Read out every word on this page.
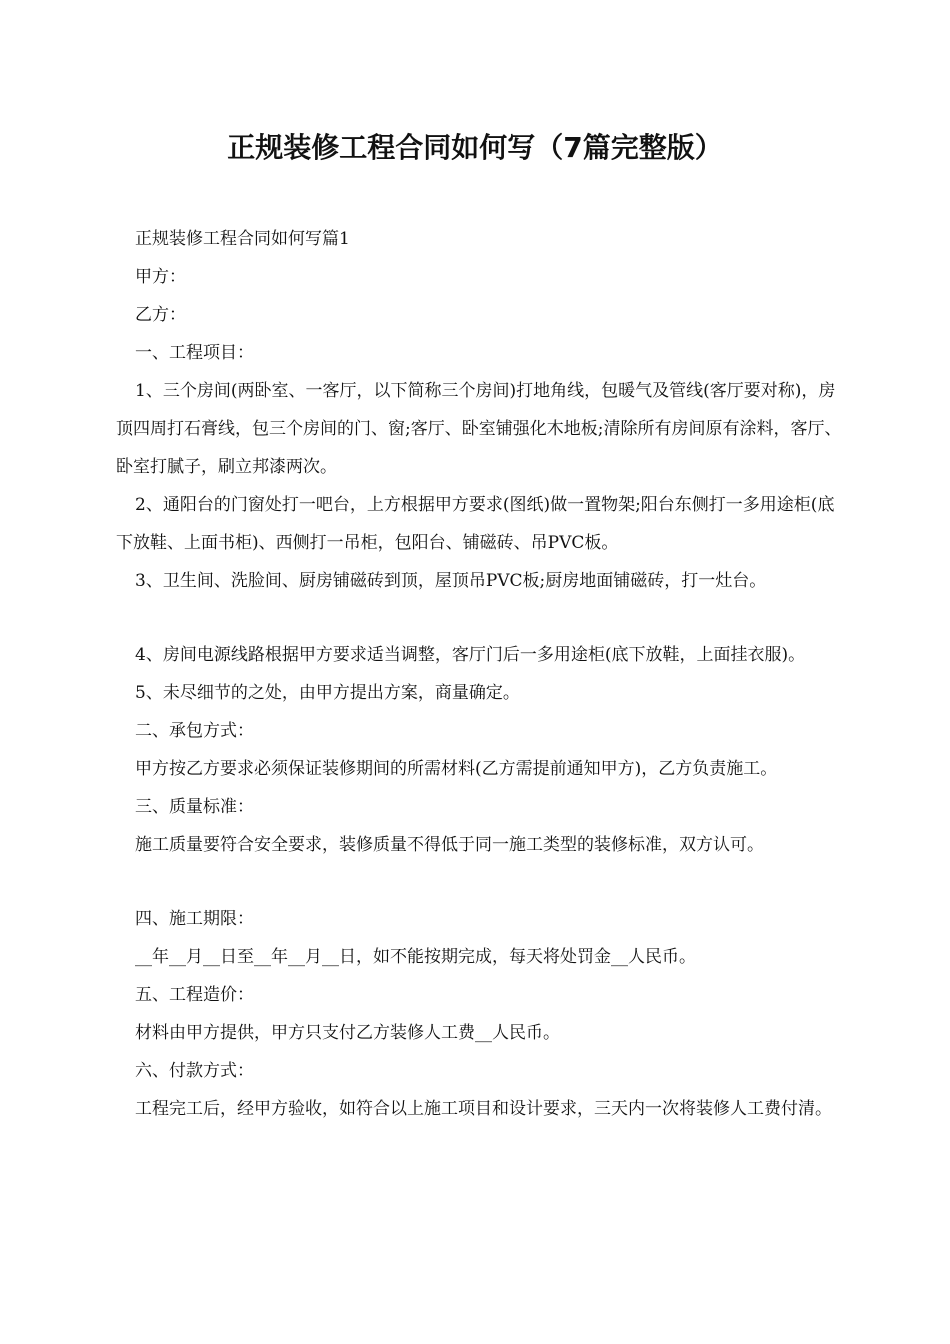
正规装修工程合同如何写（7篇完整版）

正规装修工程合同如何写篇1

甲方：

乙方：

一、工程项目：

1、三个房间(两卧室、一客厅，以下简称三个房间)打地角线，包暖气及管线(客厅要对称)，房顶四周打石膏线，包三个房间的门、窗;客厅、卧室铺强化木地板;清除所有房间原有涂料，客厅、卧室打腻子，刷立邦漆两次。

2、通阳台的门窗处打一吧台，上方根据甲方要求(图纸)做一置物架;阳台东侧打一多用途柜(底下放鞋、上面书柜)、西侧打一吊柜，包阳台、铺磁砖、吊PVC板。

3、卫生间、洗脸间、厨房铺磁砖到顶，屋顶吊PVC板;厨房地面铺磁砖，打一灶台。

4、房间电源线路根据甲方要求适当调整，客厅门后一多用途柜(底下放鞋，上面挂衣服)。

5、未尽细节的之处，由甲方提出方案，商量确定。

二、承包方式：

甲方按乙方要求必须保证装修期间的所需材料(乙方需提前通知甲方)，乙方负责施工。

三、质量标准：

施工质量要符合安全要求，装修质量不得低于同一施工类型的装修标准，双方认可。

四、施工期限：

__年__月__日至__年__月__日，如不能按期完成，每天将处罚金__人民币。

五、工程造价：

材料由甲方提供，甲方只支付乙方装修人工费__人民币。

六、付款方式：

工程完工后，经甲方验收，如符合以上施工项目和设计要求，三天内一次将装修人工费付清。
